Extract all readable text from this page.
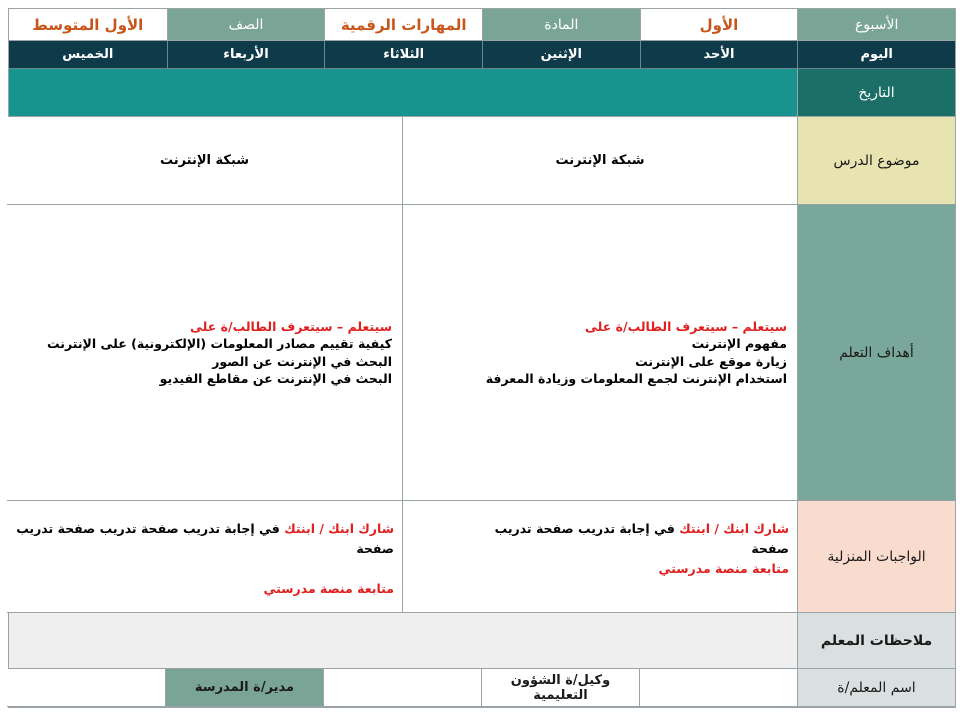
الأسبوع
الأول
المادة
المهارات الرقمية
الصف
الأول المتوسط
اليوم
الأحد
الإثنين
الثلاثاء
الأربعاء
الخميس
التاريخ
موضوع الدرس
شبكة الإنترنت
شبكة الإنترنت
أهداف التعلم
سيتعلم – سيتعرف الطالب/ة على
مفهوم الإنترنت
زيارة موقع على الإنترنت
استخدام الإنترنت لجمع المعلومات وزيادة المعرفة
سيتعلم – سيتعرف الطالب/ة على
كيفية تقييم مصادر المعلومات (الإلكترونية) على الإنترنت
البحث في الإنترنت عن الصور
البحث في الإنترنت عن مقاطع الفيديو
الواجبات المنزلية
شارك ابنك / ابنتك في إجابة تدريب صفحة تدريب
صفحة
متابعة منصة مدرستي
شارك ابنك / ابنتك في إجابة تدريب صفحة تدريب صفحة تدريب صفحة

متابعة منصة مدرستي
ملاحظات المعلم
اسم المعلم/ة
وكيل/ة الشؤون التعليمية
مدير/ة المدرسة
